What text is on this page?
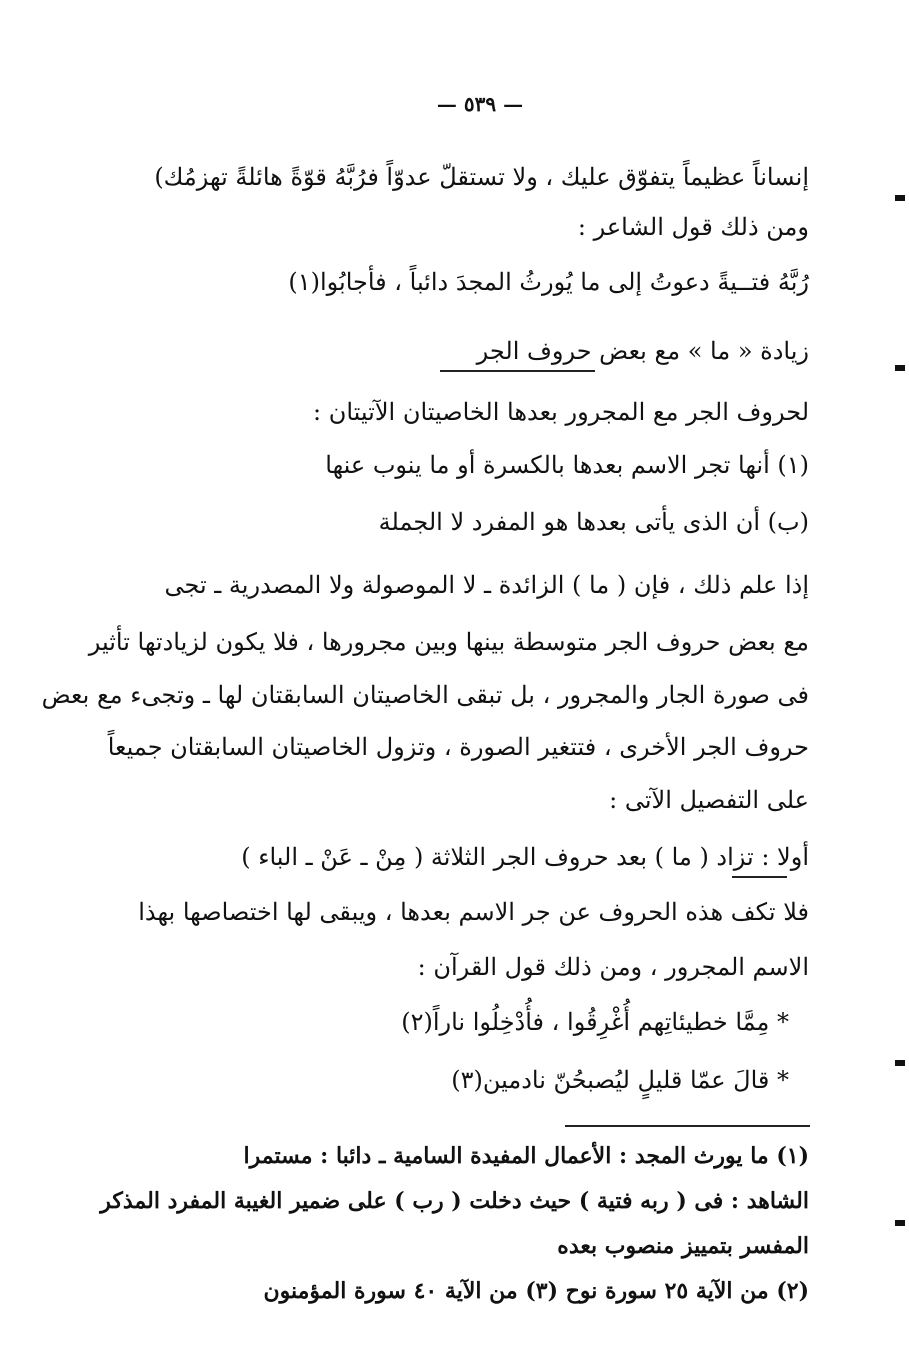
— ٥٣٩ —
إنساناً عظيماً يتفوّق عليك ، ولا تستقلّ عدوّاً فرُبَّهُ قوّةً هائلةً تهزمُك)
ومن ذلك قول الشاعر :
رُبَّهُ فتــيةً دعوتُ إلى ما يُورثُ المجدَ دائباً ، فأجابُوا(١)
زيادة « ما » مع بعض حروف الجر
لحروف الجر مع المجرور بعدها الخاصيتان الآتيتان :
(١) أنها تجر الاسم بعدها بالكسرة أو ما ينوب عنها
(ب) أن الذى يأتى بعدها هو المفرد لا الجملة
إذا علم ذلك ، فإن ( ما ) الزائدة ـ لا الموصولة ولا المصدرية ـ تجى
مع بعض حروف الجر متوسطة بينها وبين مجرورها ، فلا يكون لزيادتها تأثير
فى صورة الجار والمجرور ، بل تبقى الخاصيتان السابقتان لها ـ وتجىء مع بعض
حروف الجر الأخرى ، فتتغير الصورة ، وتزول الخاصيتان السابقتان جميعاً
على التفصيل الآتى :
أولا : تزاد ( ما ) بعد حروف الجر الثلاثة ( مِنْ ـ عَنْ ـ الباء )
فلا تكف هذه الحروف عن جر الاسم بعدها ، ويبقى لها اختصاصها بهذا
الاسم المجرور ، ومن ذلك قول القرآن :
* مِمَّا خطيئاتِهم أُغْرِقُوا ، فأُدْخِلُوا ناراً(٢)
* قالَ عمّا قليلٍ ليُصبحُنّ نادمين(٣)
(١) ما يورث المجد : الأعمال المفيدة السامية ـ دائبا : مستمرا
الشاهد : فى ( ربه فتية ) حيث دخلت ( رب ) على ضمير الغيبة المفرد المذكر
المفسر بتمييز منصوب بعده
(٢) من الآية ٢٥ سورة نوح (٣) من الآية ٤٠ سورة المؤمنون
